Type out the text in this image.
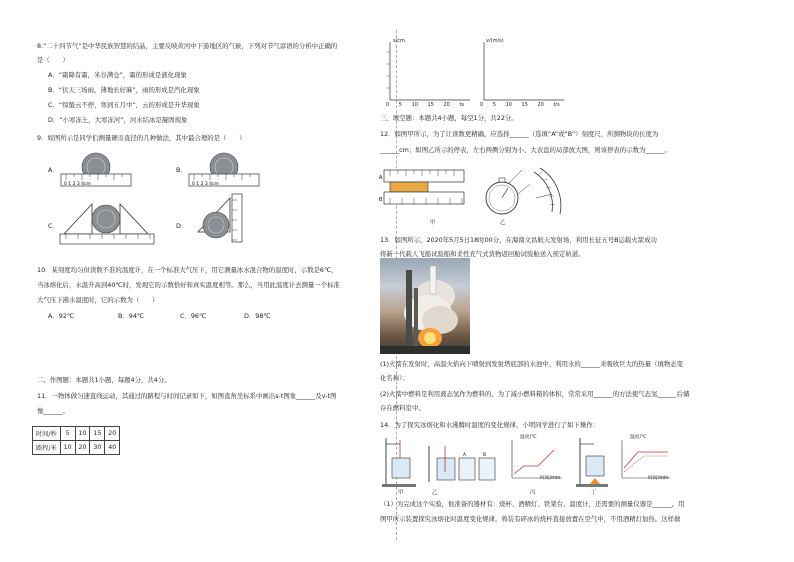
8.“二十四节气”是中华民族智慧的结晶，主要反映黄河中下游地区的气候，下列对节气谚语的分析中正确的
是（　　）
A．“霜降有霜，米谷满仓”，霜的形成是液化现象
B．“伏天三场雨，薄地长好麻”，雨的形成是汽化现象
C．“惊蛰云不停，寒到五月中”，云的形成是升华现象
D．“小寒冻土，大寒冻河”，河水结冰是凝固现象
9．如图所示是同学们测量硬币直径的几种做法，其中最合理的是（　　）
A．
0 1 2 3 4cm
B．
0 1 2 3 4cm
C．	D．
10．某刻度均匀但读数不准的温度计，在一个标准大气压下，用它测量冰水混合物的温度时，示数是6℃，
当冰熔化后，水温升高到40℃时，发现它的示数恰好和真实温度相等。那么，当用此温度计去测量一个标准
大气压下沸水温度时，它的示数为（　　）
A．92℃	B．94℃	C．96℃	D．98℃
二、作图题：本题共1小题，每题4分，共4分。
11．一物体做匀速直线运动，其通过的路程与时间记录如下，如图直角坐标系中画出s-t图象______及v-t图
像______。
时间/秒	5	10	15	20
路程/米	10	20	30	40
s/cm
0 5 10 15 20 ts
v/(m/s)
0 5 10 15 20 t/s
三、填空题：本题共4小题，每空1分，共22分。
12．如图甲所示，为了让读数更精确，应选择______（选填“A”或“B”）刻度尺，所测物块的长度为
______cm；如图乙所示的停表，左右两侧分别为小、大表盘的局部放大图，则该停表的示数为______。
A
B
甲	乙
13．如图所示，2020年5月5日18时00分，在海南文昌航天发射场，利用长征五号B运载火箭成功
将新一代载人飞船试验船和柔性充气式货物返回舱试验舱送入预定轨道。
(1)火箭在发射时，高温火焰向下喷射到发射塔底部的水池中，利用水的______来吸收巨大的热量（填物态变
化名称）；
(2)火箭中燃料是利用液态氢作为燃料的，为了减小燃料箱的体积，常常采用______的方法使气态氢______后储
存在燃料室中。
14．为了探究冰熔化和水沸腾时温度的变化规律，小明同学进行了如下操作：
甲
A	B
乙
温度/℃
时间/min
丙	丁
温度/℃
时间/min
（1）为完成这个实验，他准备的器材有：烧杯、酒精灯、铁架台、温度计，还需要的测量仪器是______。用
图甲所示装置探究冰熔化时温度变化规律，将装有碎冰的烧杯直接放置在空气中，不用酒精灯加热。这样做
